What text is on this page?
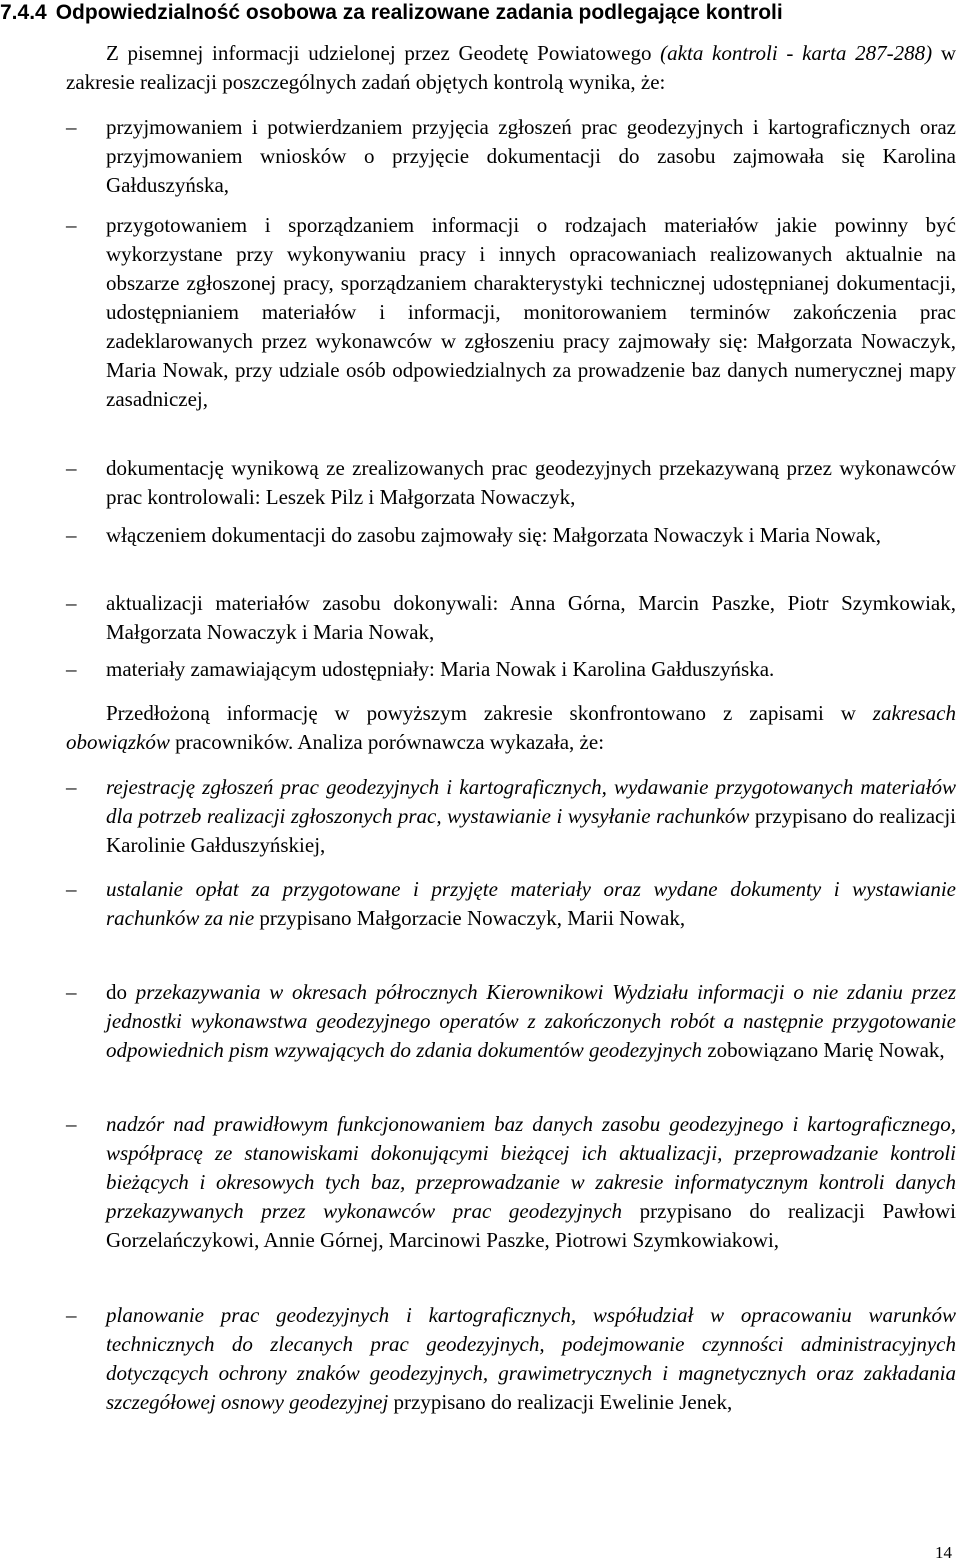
7.4.4 Odpowiedzialność osobowa za realizowane zadania podlegające kontroli

Z pisemnej informacji udzielonej przez Geodetę Powiatowego (akta kontroli - karta 287-288) w zakresie realizacji poszczególnych zadań objętych kontrolą wynika, że:

–	przyjmowaniem i potwierdzaniem przyjęcia zgłoszeń prac geodezyjnych i kartograficznych oraz przyjmowaniem wniosków o przyjęcie dokumentacji do zasobu zajmowała się Karolina Gałduszyńska,
–	przygotowaniem i sporządzaniem informacji o rodzajach materiałów jakie powinny być wykorzystane przy wykonywaniu pracy i innych opracowaniach realizowanych aktualnie na obszarze zgłoszonej pracy, sporządzaniem charakterystyki technicznej udostępnianej dokumentacji, udostępnianiem materiałów i informacji, monitorowaniem terminów zakończenia prac zadeklarowanych przez wykonawców w zgłoszeniu pracy zajmowały się: Małgorzata Nowaczyk, Maria Nowak, przy udziale osób odpowiedzialnych za prowadzenie baz danych numerycznej mapy zasadniczej,
–	dokumentację wynikową ze zrealizowanych prac geodezyjnych przekazywaną przez wykonawców prac kontrolowali: Leszek Pilz i Małgorzata Nowaczyk,
–	włączeniem dokumentacji do zasobu zajmowały się: Małgorzata Nowaczyk i Maria Nowak,
–	aktualizacji materiałów zasobu dokonywali: Anna Górna, Marcin Paszke, Piotr Szymkowiak, Małgorzata Nowaczyk i Maria Nowak,
–	materiały zamawiającym udostępniały: Maria Nowak i Karolina Gałduszyńska.

Przedłożoną informację w powyższym zakresie skonfrontowano z zapisami w zakresach obowiązków pracowników. Analiza porównawcza wykazała, że:

–	rejestrację zgłoszeń prac geodezyjnych i kartograficznych, wydawanie przygotowanych materiałów dla potrzeb realizacji zgłoszonych prac, wystawianie i wysyłanie rachunków przypisano do realizacji Karolinie Gałduszyńskiej,
–	ustalanie opłat za przygotowane i przyjęte materiały oraz wydane dokumenty i wystawianie rachunków za nie przypisano Małgorzacie Nowaczyk, Marii Nowak,
–	do przekazywania w okresach półrocznych Kierownikowi Wydziału informacji o nie zdaniu przez jednostki wykonawstwa geodezyjnego operatów z zakończonych robót a następnie przygotowanie odpowiednich pism wzywających do zdania dokumentów geodezyjnych zobowiązano Marię Nowak,
–	nadzór nad prawidłowym funkcjonowaniem baz danych zasobu geodezyjnego i kartograficznego, współpracę ze stanowiskami dokonującymi bieżącej ich aktualizacji, przeprowadzanie kontroli bieżących i okresowych tych baz, przeprowadzanie w zakresie informatycznym kontroli danych przekazywanych przez wykonawców prac geodezyjnych przypisano do realizacji Pawłowi Gorzelańczykowi, Annie Górnej, Marcinowi Paszke, Piotrowi Szymkowiakowi,
–	planowanie prac geodezyjnych i kartograficznych, współudział w opracowaniu warunków technicznych do zlecanych prac geodezyjnych, podejmowanie czynności administracyjnych dotyczących ochrony znaków geodezyjnych, grawimetrycznych i magnetycznych oraz zakładania szczegółowej osnowy geodezyjnej przypisano do realizacji Ewelinie Jenek,
14
